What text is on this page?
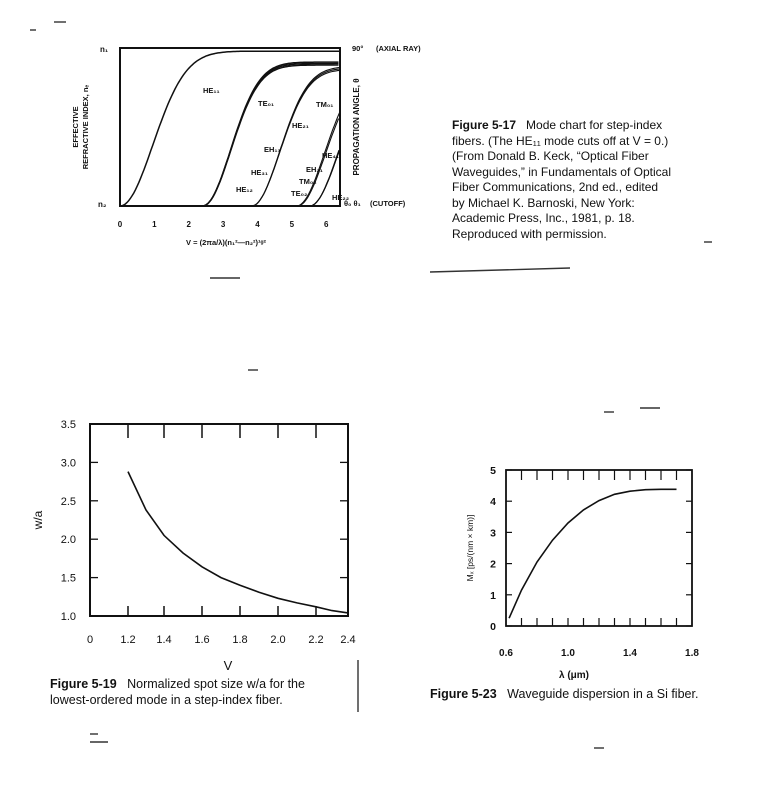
n₁
n₂
EFFECTIVE REFRACTIVE INDEX, nₑ	PROPAGATION ANGLE, θ
90° (AXIAL RAY)
θ₀ θ₁ (CUTOFF)
V = (2πa/λ)(n₁²—n₂²)¹ᵍ²
0	1	2	3	4	5	6
HE₁₁
TE₀₁	TM₀₁
HE₂₁
EH₁₁
HE₃₁
HE₁₂
EH₂₁
TM₀₂
HE₄₁
TE₀₂	HE₂₂
V
w/a
0 1.2 1.4 1.6 1.8 2.0 2.2 2.4
1.0
1.5
2.0
2.5
3.0
3.5
λ (μm)
Mₓ [ps/(nm × km)]
0.6	1.0	1.4	1.8
0
1
2
3
4
5
Figure 5-17 Mode chart for step-index
fibers. (The HE₁₁ mode cuts off at V = 0.)
(From Donald B. Keck, “Optical Fiber
Waveguides,” in Fundamentals of Optical
Fiber Communications, 2nd ed., edited
by Michael K. Barnoski, New York:
Academic Press, Inc., 1981, p. 18.
Reproduced with permission.
Figure 5-19 Normalized spot size w/a for the
lowest-ordered mode in a step-index fiber.	Figure 5-23 Waveguide dispersion in a Si fiber.
